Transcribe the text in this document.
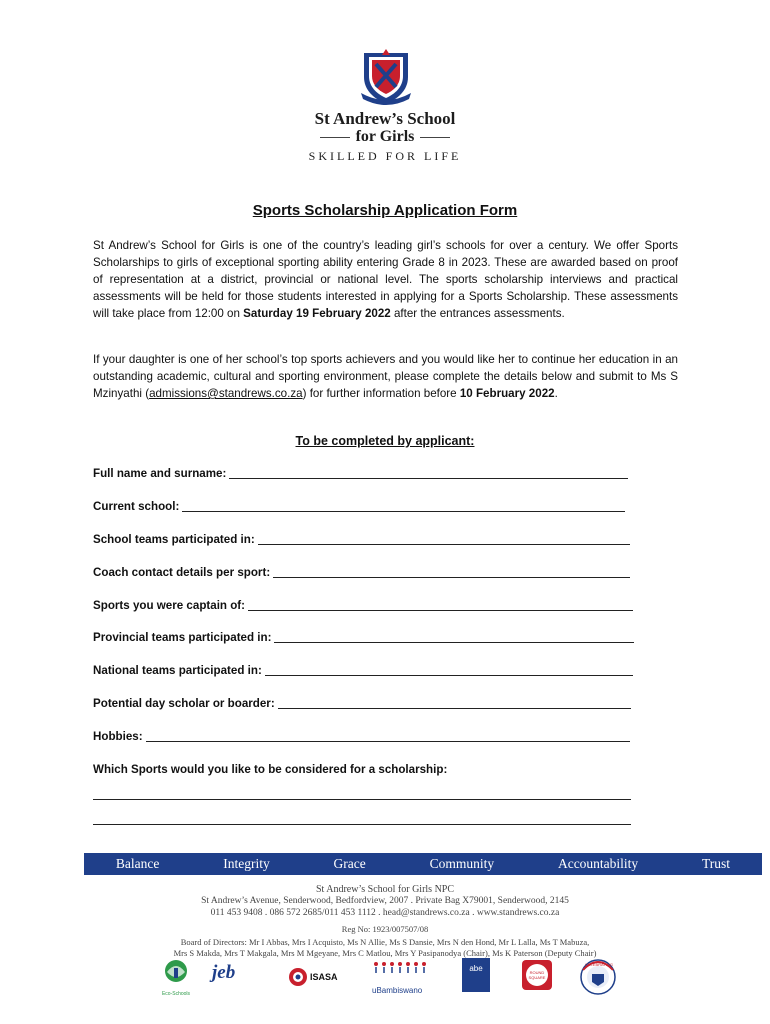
St Andrew’s School
for Girls
SKILLED FOR LIFE
Sports Scholarship Application Form
St Andrew’s School for Girls is one of the country’s leading girl’s schools for over a century. We offer Sports Scholarships to girls of exceptional sporting ability entering Grade 8 in 2023. These are awarded based on proof of representation at a district, provincial or national level. The sports scholarship interviews and practical assessments will be held for those students interested in applying for a Sports Scholarship. These assessments will take place from 12:00 on Saturday 19 February 2022 after the entrances assessments.
If your daughter is one of her school’s top sports achievers and you would like her to continue her education in an outstanding academic, cultural and sporting environment, please complete the details below and submit to Ms S Mzinyathi (admissions@standrews.co.za) for further information before 10 February 2022.
To be completed by applicant:
Full name and surname :
Current school :
School teams participated in:
Coach contact details per sport :
Sports you were captain of :
Provincial teams participated in :
National teams participated in :
Potential day scholar or boarder :
Hobbies :
Which Sports would you like to be considered for a scholarship:
Balance	Integrity	Grace	Community	Accountability	Trust
St Andrew’s School for Girls NPC
St Andrew’s Avenue, Senderwood, Bedfordview, 2007 . Private Bag X79001, Senderwood, 2145
011 453 9408 . 086 572 2685/011 453 1112 . head@standrews.co.za . www.standrews.co.za
Reg No: 1923/007507/08
Board of Directors: Mr I Abbas, Mrs I Acquisto, Ms N Allie, Ms S Dansie, Mrs N den Hond, Mr L Lalla, Ms T Mabuza,
Mrs S Makda, Mrs T Makgala, Mrs M Mgeyane, Mrs C Matlou, Mrs Y Pasipanodya (Chair), Ms K Paterson (Deputy Chair)
Eco-Schools
jeb	ISASA
uBambiswano
abe	ROUND SQUARE
CELEBRATING
